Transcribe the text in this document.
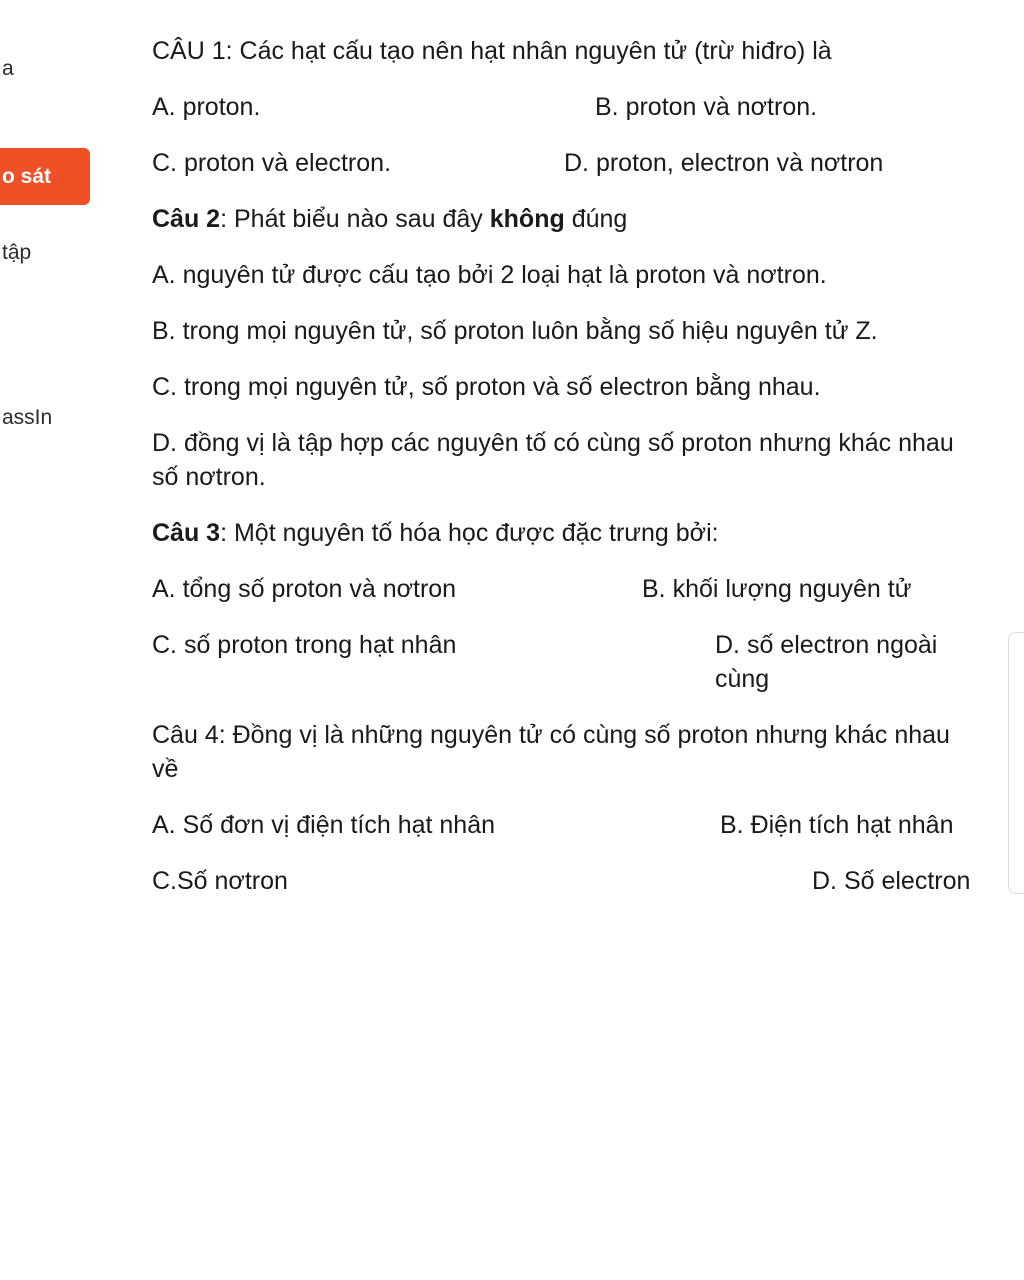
a
o sát
tập
assIn

CÂU 1: Các hạt cấu tạo nên hạt nhân nguyên tử (trừ hiđro) là

A. proton.	B. proton và nơtron.
C. proton và electron.	D. proton, electron và nơtron

Câu 2: Phát biểu nào sau đây không đúng

A. nguyên tử được cấu tạo bởi 2 loại hạt là proton và nơtron.

B. trong mọi nguyên tử, số proton luôn bằng số hiệu nguyên tử Z.

C. trong mọi nguyên tử, số proton và số electron bằng nhau.

D. đồng vị là tập hợp các nguyên tố có cùng số proton nhưng khác nhau số nơtron.

Câu 3: Một nguyên tố hóa học được đặc trưng bởi:

A. tổng số proton và nơtron	B. khối lượng nguyên tử
C. số proton trong hạt nhân	D. số electron ngoài cùng

Câu 4: Đồng vị là những nguyên tử có cùng số proton nhưng khác nhau về

A. Số đơn vị điện tích hạt nhân	B. Điện tích hạt nhân
C.Số nơtron	D. Số electron
